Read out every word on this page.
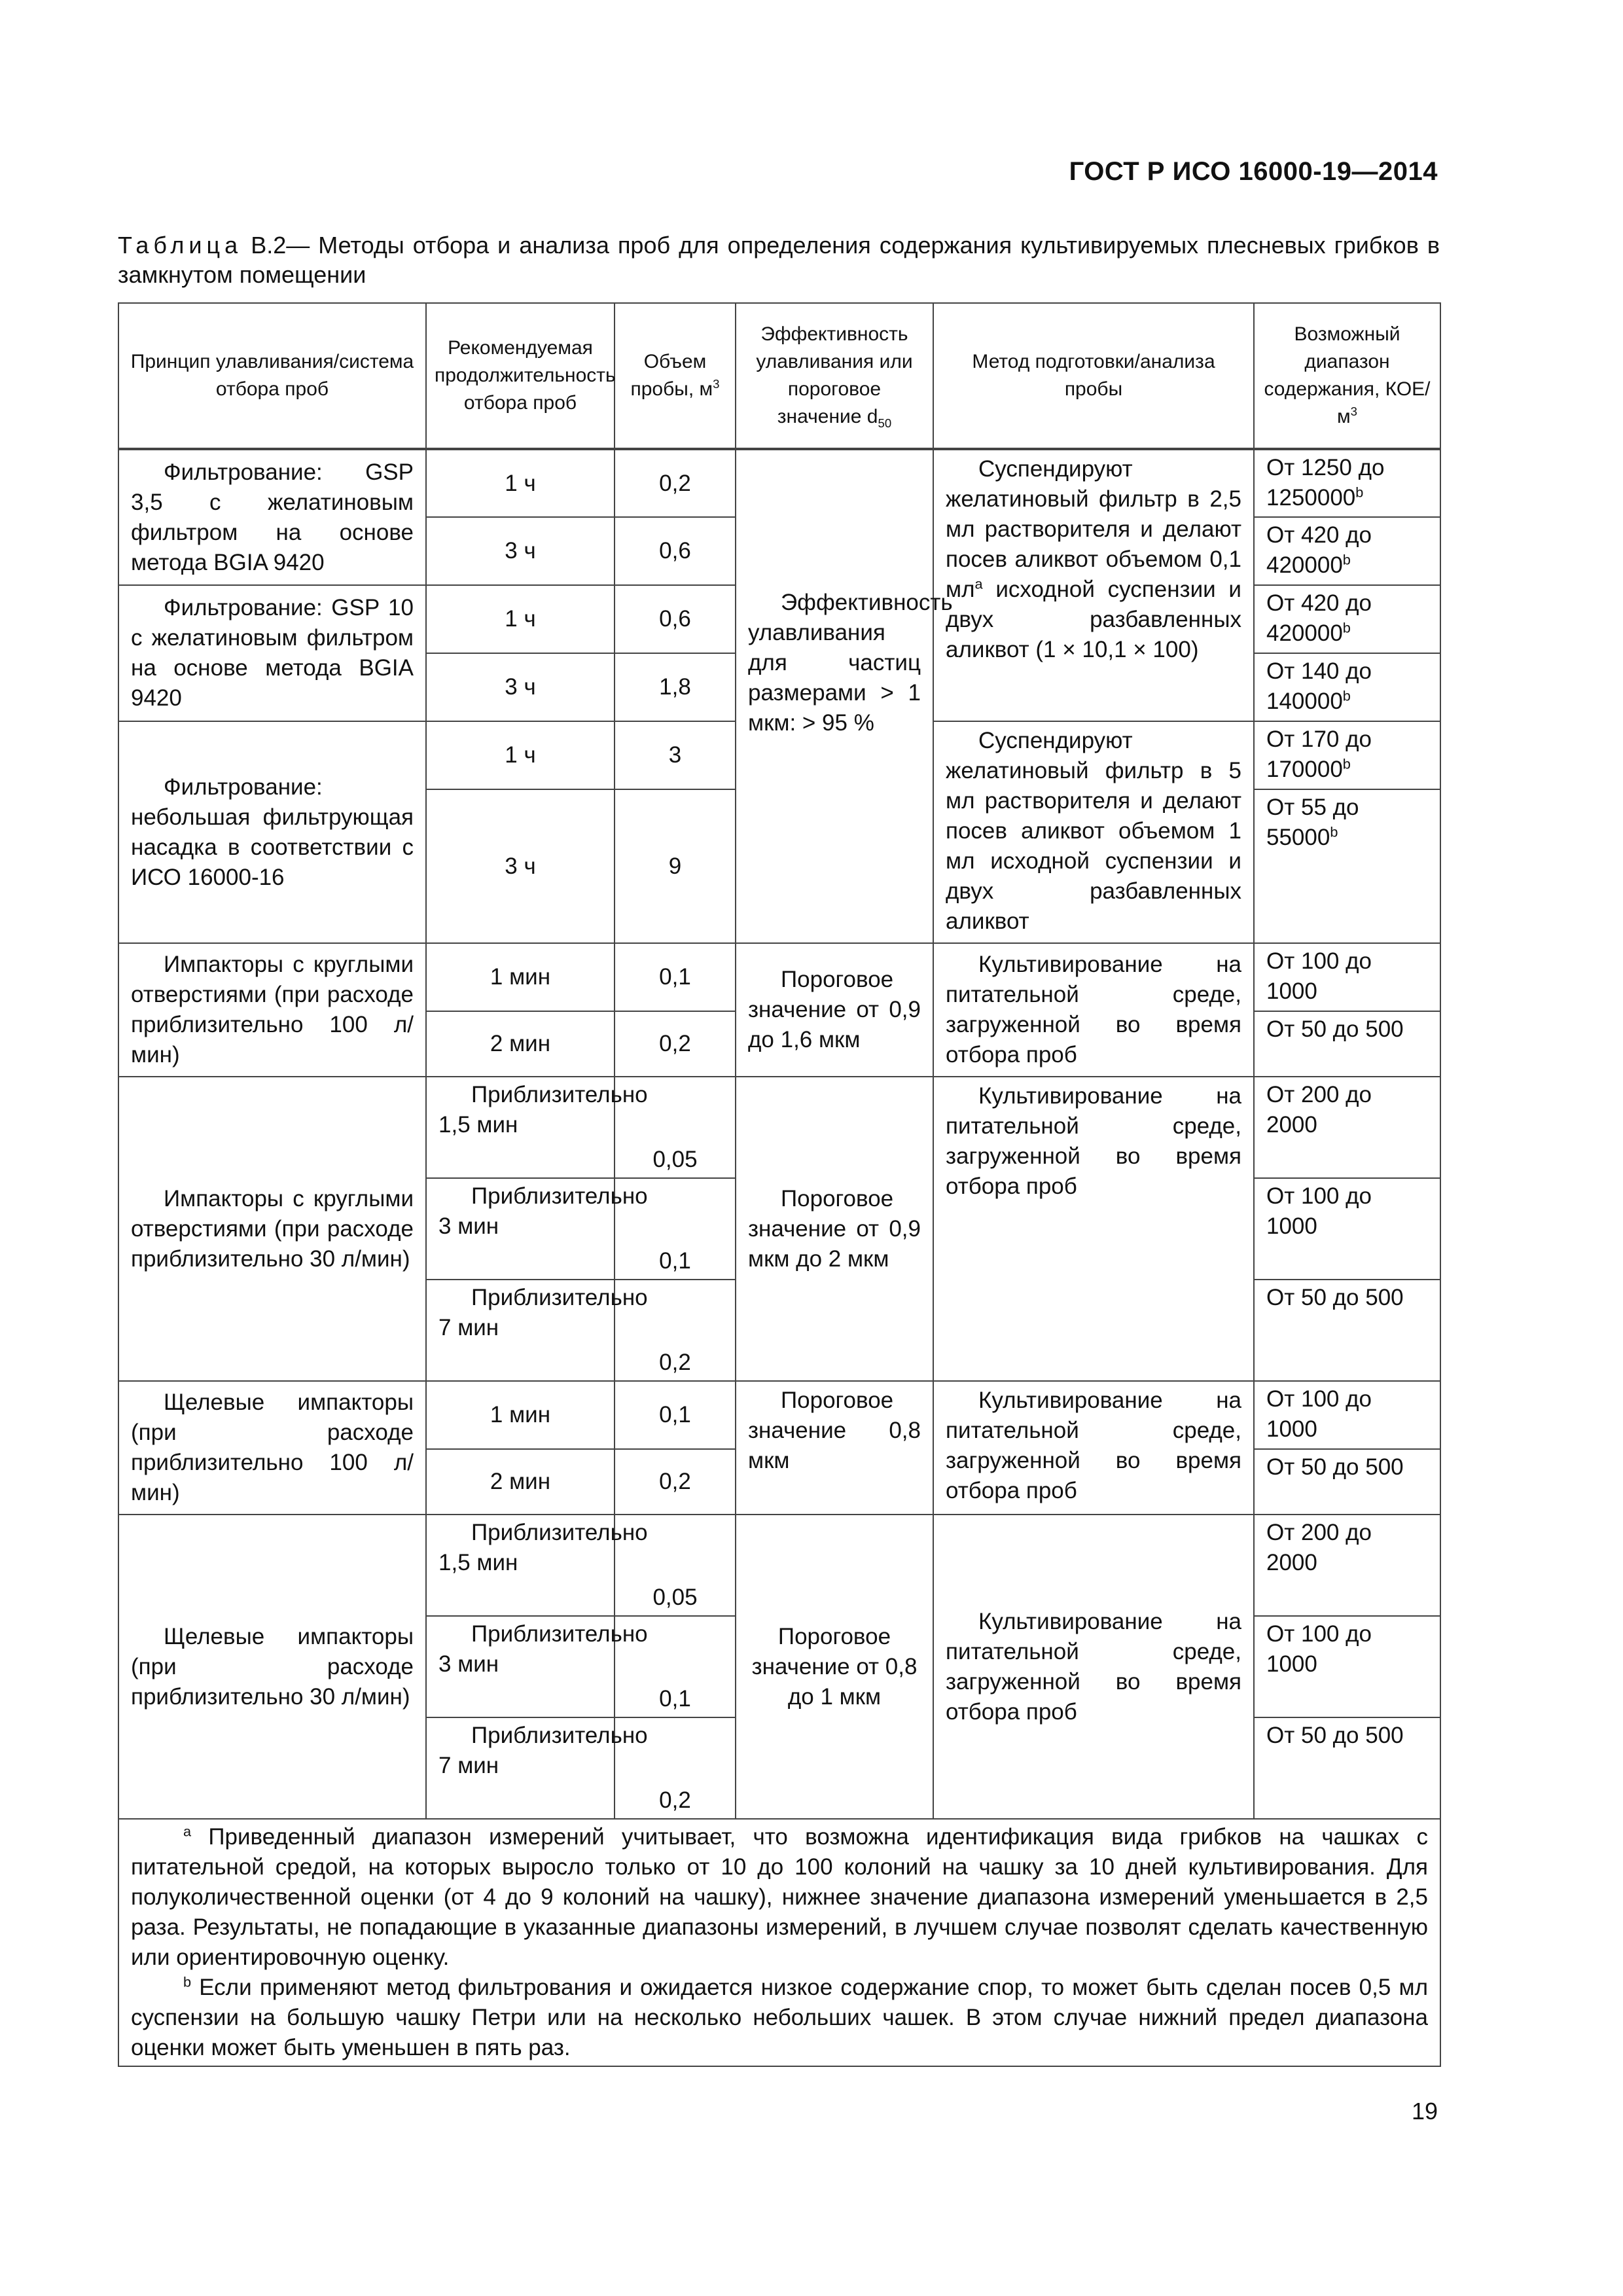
ГОСТ Р ИСО 16000-19—2014
Таблица В.2— Методы отбора и анализа проб для определения содержания культивируемых плесневых грибков в замкнутом помещении
Принцип улавливания/система отбора проб	Рекомендуемая продолжительность отбора проб	Объем пробы, $м^3$	Эффективность улавливания или пороговое значение $d_{50}$	Метод подготовки/анализа пробы	Возможный диапазон содержания, КОЕ/$м^3$
Фильтрование: GSP 3,5 с желатиновым фильтром на основе метода BGIA 9420	1 ч	0,2	Эффективность улавливания для частиц размерами > 1 мкм: > 95 %	Суспендируют желатиновый фильтр в 2,5 мл растворителя и делают посев аликвот объемом 0,1 $мл^a$ исходной суспензии и двух разбавленных аликвот (1 × 10,1 × 100)	От 1250 до 1250000$^b$
	3 ч	0,6			От 420 до 420000$^b$
Фильтрование: GSP 10 с желатиновым фильтром на основе метода BGIA 9420	1 ч	0,6			От 420 до 420000$^b$
	3 ч	1,8			От 140 до 140000$^b$
Фильтрование: небольшая фильтрующая насадка в соответствии с ИСО 16000-16	1 ч	3		Суспендируют желатиновый фильтр в 5 мл растворителя и делают посев аликвот объемом 1 мл исходной суспензии и двух разбавленных аликвот	От 170 до 170000$^b$
	3 ч	9			От 55 до 55000$^b$
Импакторы с круглыми отверстиями (при расходе приблизительно 100 л/мин)	1 мин	0,1	Пороговое значение от 0,9 до 1,6 мкм	Культивирование на питательной среде, загруженной во время отбора проб	От 100 до 1000
	2 мин	0,2			От 50 до 500
Импакторы с круглыми отверстиями (при расходе приблизительно 30 л/мин)	Приблизительно 1,5 мин	0,05	Пороговое значение от 0,9 мкм до 2 мкм	Культивирование на питательной среде, загруженной во время отбора проб	От 200 до 2000
	Приблизительно 3 мин	0,1			От 100 до 1000
	Приблизительно 7 мин	0,2			От 50 до 500
Щелевые импакторы (при расходе приблизительно 100 л/мин)	1 мин	0,1	Пороговое значение 0,8 мкм	Культивирование на питательной среде, загруженной во время отбора проб	От 100 до 1000
	2 мин	0,2			От 50 до 500
Щелевые импакторы (при расходе приблизительно 30 л/мин)	Приблизительно 1,5 мин	0,05	Пороговое значение от 0,8 до 1 мкм	Культивирование на питательной среде, загруженной во время отбора проб	От 200 до 2000
	Приблизительно 3 мин	0,1			От 100 до 1000
	Приблизительно 7 мин	0,2			От 50 до 500

$^a$ Приведенный диапазон измерений учитывает, что возможна идентификация вида грибков на чашках с питательной средой, на которых выросло только от 10 до 100 колоний на чашку за 10 дней культивирования. Для полуколичественной оценки (от 4 до 9 колоний на чашку), нижнее значение диапазона измерений уменьшается в 2,5 раза. Результаты, не попадающие в указанные диапазоны измерений, в лучшем случае позволят сделать качественную или ориентировочную оценку.

$^b$ Если применяют метод фильтрования и ожидается низкое содержание спор, то может быть сделан посев 0,5 мл суспензии на большую чашку Петри или на несколько небольших чашек. В этом случае нижний предел диапазона оценки может быть уменьшен в пять раз.					

19
